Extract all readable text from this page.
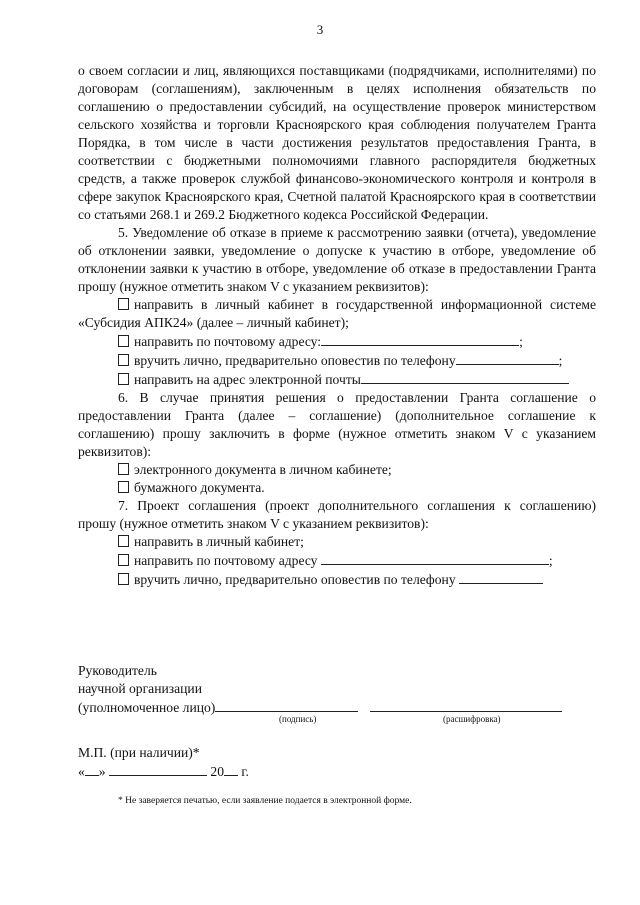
3

о своем согласии и лиц, являющихся поставщиками (подрядчиками, исполнителями) по договорам (соглашениям), заключенным в целях исполнения обязательств по соглашению о предоставлении субсидий, на осуществление проверок министерством сельского хозяйства и торговли Красноярского края соблюдения получателем Гранта Порядка, в том числе в части достижения результатов предоставления Гранта, в соответствии с бюджетными полномочиями главного распорядителя бюджетных средств, а также проверок службой финансово-экономического контроля и контроля в сфере закупок Красноярского края, Счетной палатой Красноярского края в соответствии со статьями 268.1 и 269.2 Бюджетного кодекса Российской Федерации.

5. Уведомление об отказе в приеме к рассмотрению заявки (отчета), уведомление об отклонении заявки, уведомление о допуске к участию в отборе, уведомление об отклонении заявки к участию в отборе, уведомление об отказе в предоставлении Гранта прошу (нужное отметить знаком V с указанием реквизитов):

направить в личный кабинет в государственной информационной системе «Субсидия АПК24» (далее – личный кабинет);

направить по почтовому адресу:	;

вручить лично, предварительно оповестив по телефону	;

направить на адрес электронной почты

6. В случае принятия решения о предоставлении Гранта соглашение о предоставлении Гранта (далее – соглашение) (дополнительное соглашение к соглашению) прошу заключить в форме (нужное отметить знаком V с указанием реквизитов):

электронного документа в личном кабинете;

бумажного документа.

7. Проект соглашения (проект дополнительного соглашения к соглашению) прошу (нужное отметить знаком V с указанием реквизитов):

направить в личный кабинет;

направить по почтовому адресу	;

вручить лично, предварительно оповестив по телефону

Руководитель
научной организации
(уполномоченное лицо)
(подпись)	(расшифровка)
М.П. (при наличии)*
« »	20 г.
* Не заверяется печатью, если заявление подается в электронной форме.
